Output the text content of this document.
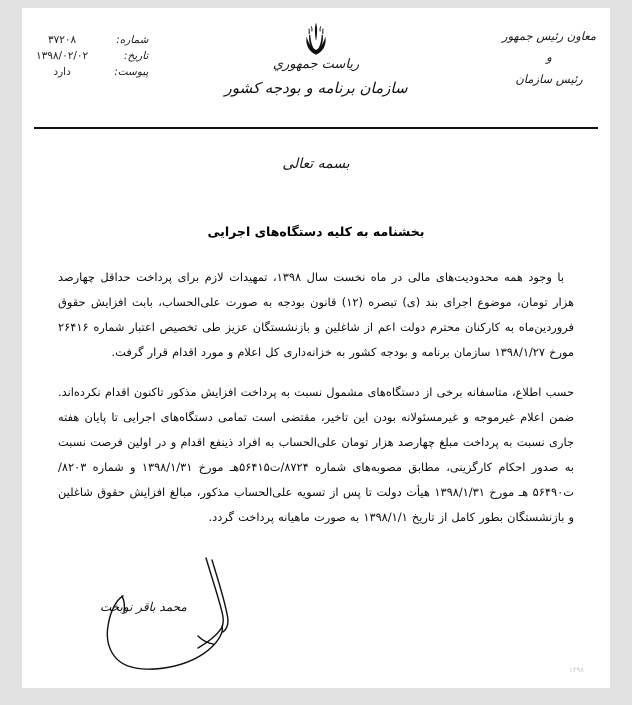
رياست جمهوري
سازمان برنامه و بودجه كشور
معاون رئيس جمهور
و
رئيس سازمان
شماره:
۳۷۲۰۸
تاریخ:
۱۳۹۸/۰۲/۰۲
پیوست:
دارد
بسمه تعالی
بخشنامه به کلیه دستگاه‌های اجرایی

با وجود همه محدودیت‌های مالی در ماه نخست سال ۱۳۹۸، تمهیدات لازم برای پرداخت حداقل چهارصد هزار تومان، موضوع اجرای بند (ی) تبصره (۱۲) قانون بودجه به صورت علی‌الحساب، بابت افزایش حقوق فروردین‌ماه به کارکنان محترم دولت اعم از شاغلین و بازنشستگان عزیز طی تخصیص اعتبار شماره ۲۶۴۱۶ مورخ ۱۳۹۸/۱/۲۷ سازمان برنامه و بودجه کشور به خزانه‌داری کل اعلام و مورد اقدام قرار گرفت.

حسب اطلاع، متاسفانه برخی از دستگاه‌های مشمول نسبت به پرداخت افزایش مذکور تاکنون اقدام نکرده‌اند. ضمن اعلام غیرموجه و غیرمسئولانه بودن این تاخیر، مقتضی است تمامی دستگاه‌های اجرایی تا پایان هفته جاری نسبت به پرداخت مبلغ چهارصد هزار تومان علی‌الحساب به افراد ذینفع اقدام و در اولین فرصت نسبت به صدور احکام کارگزینی، مطابق مصوبه‌های شماره ۸۷۲۴/ت۵۶۴۱۵هـ مورخ ۱۳۹۸/۱/۳۱ و شماره ۸۲۰۳/ت۵۶۴۹۰ هـ مورخ ۱۳۹۸/۱/۳۱ هیأت دولت تا پس از تسویه علی‌الحساب مذکور، مبالغ افزایش حقوق شاغلین و بازنشستگان بطور کامل از تاریخ ۱۳۹۸/۱/۱ به صورت ماهیانه پرداخت گردد.

محمد باقر نوبخت
۱۳۹۸
